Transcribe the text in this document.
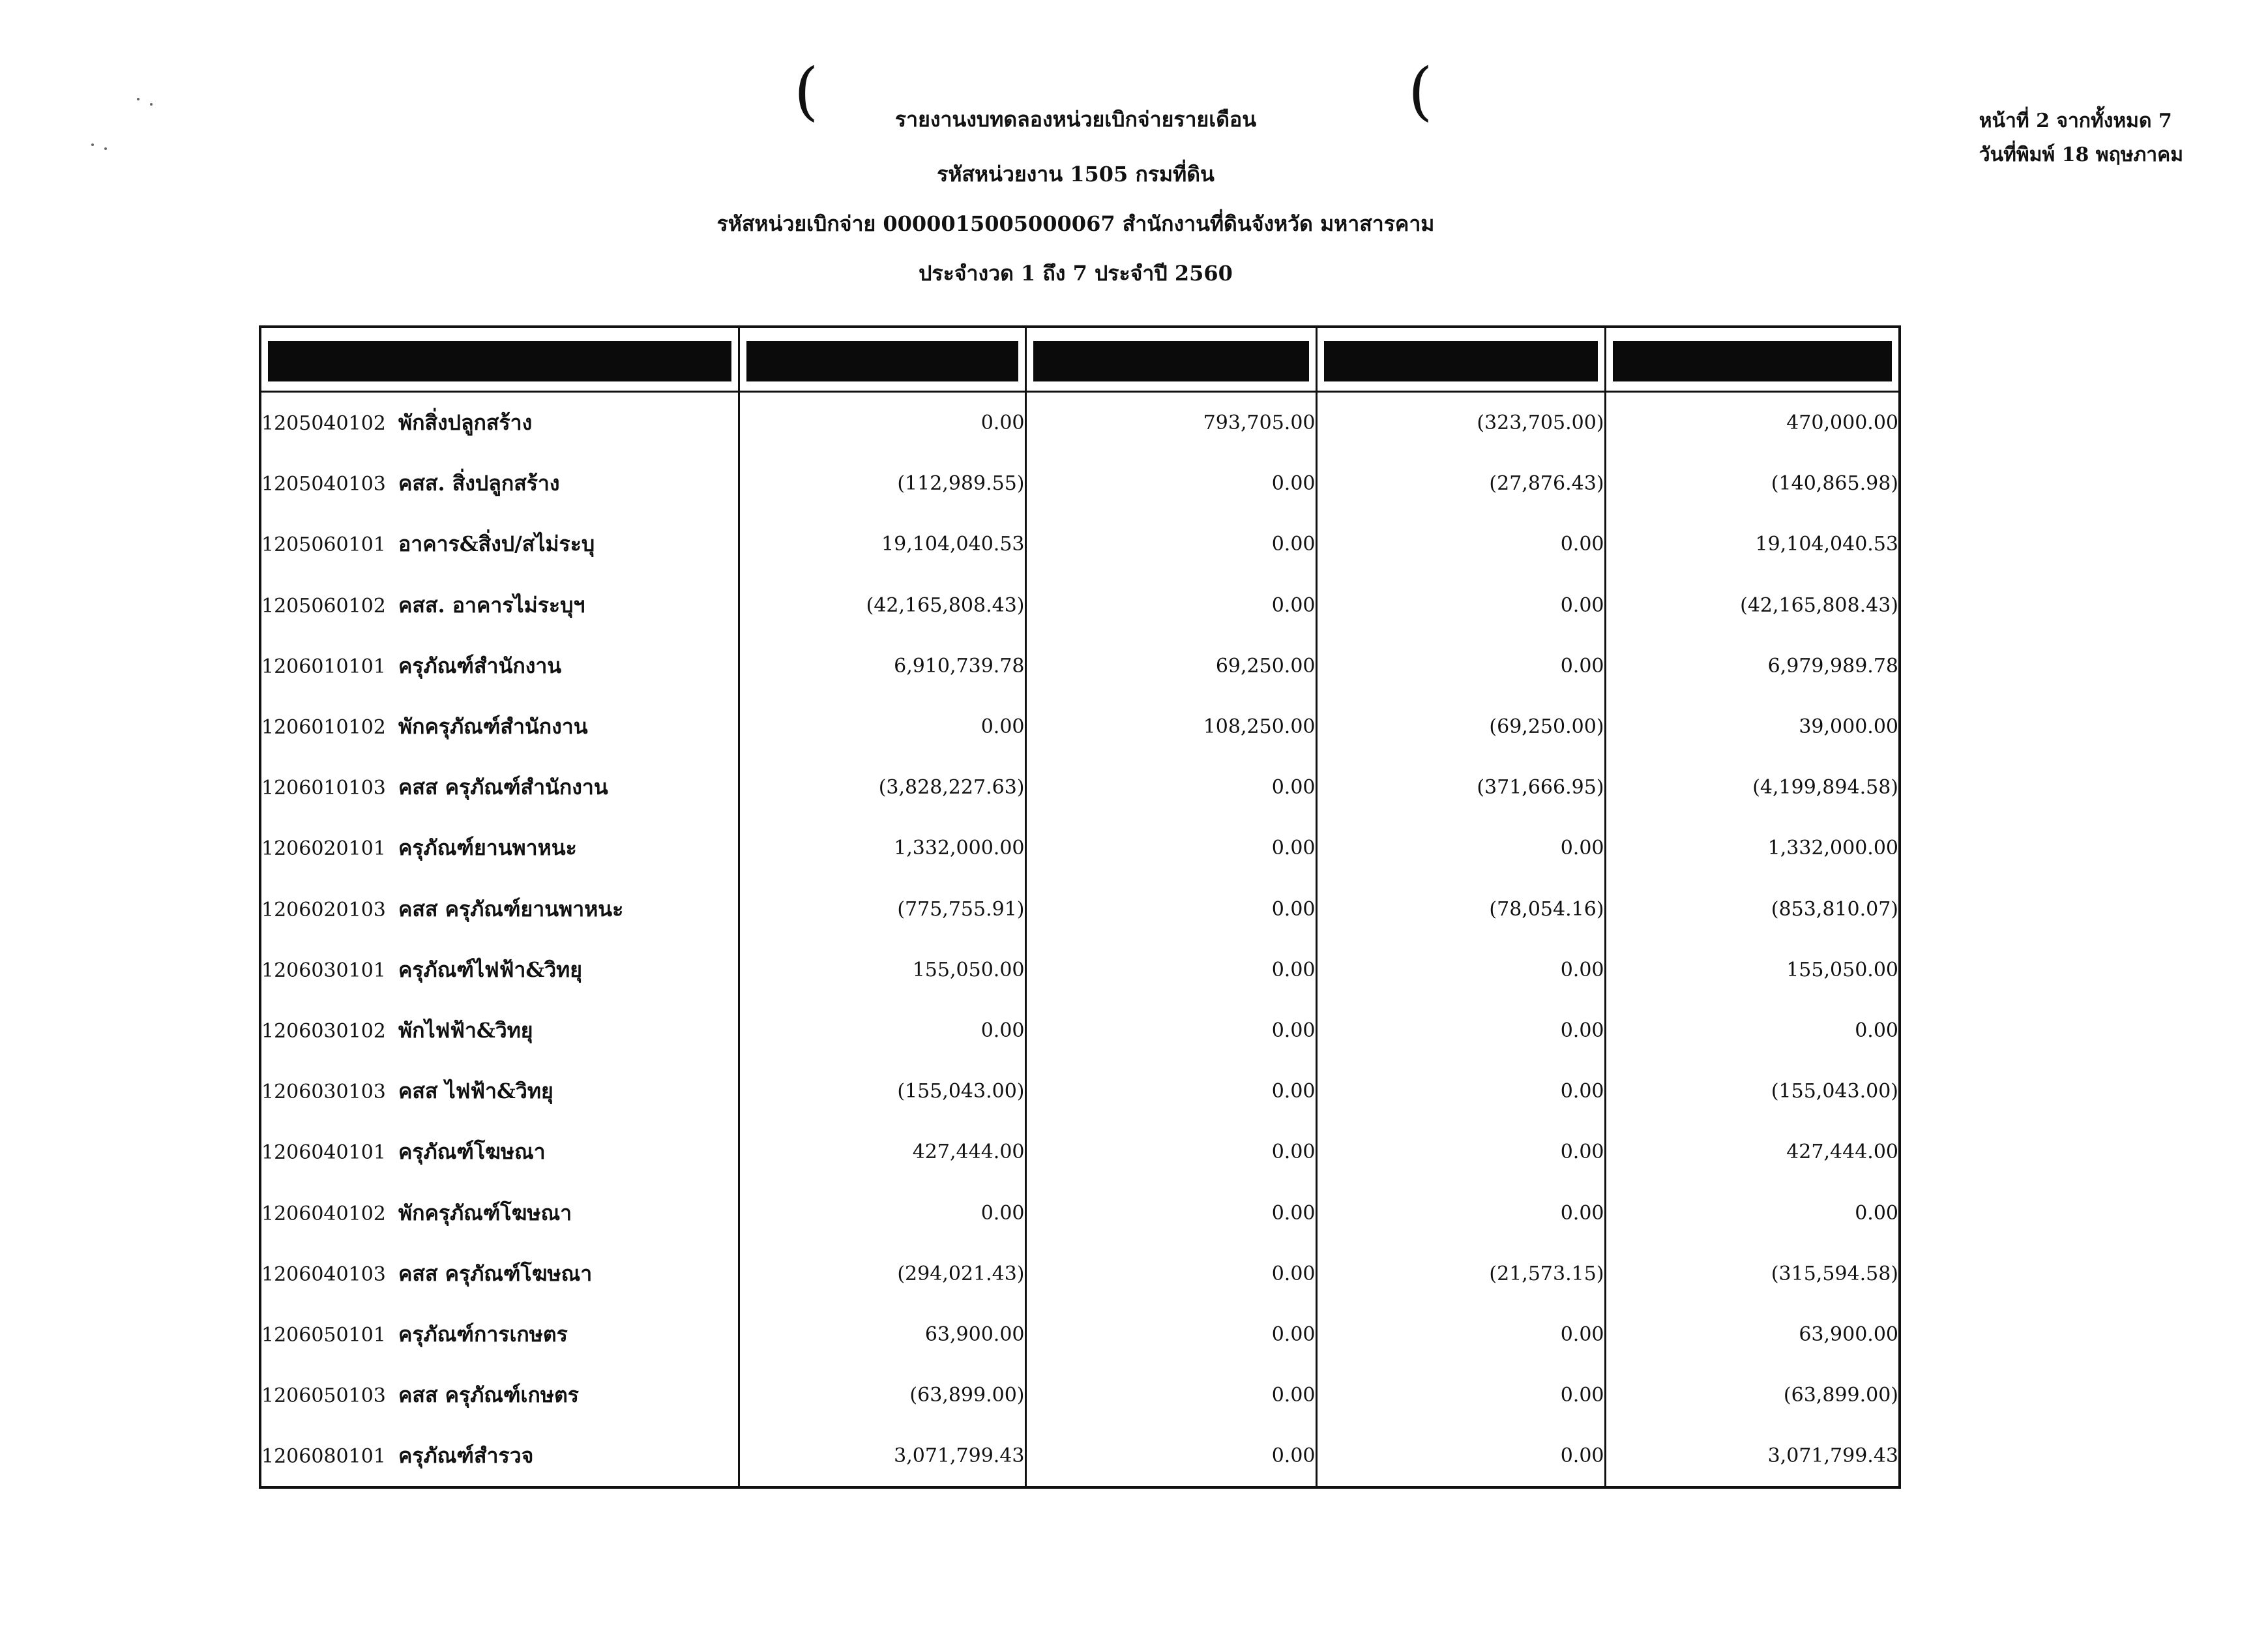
(	(
รายงานงบทดลองหน่วยเบิกจ่ายรายเดือน
รหัสหน่วยงาน 1505 กรมที่ดิน
รหัสหน่วยเบิกจ่าย 0000015005000067 สำนักงานที่ดินจังหวัด มหาสารคาม
ประจำงวด 1 ถึง 7 ประจำปี 2560
หน้าที่ 2 จากทั้งหมด 7
วันที่พิมพ์ 18 พฤษภาคม

1205040102 พักสิ่งปลูกสร้าง	0.00	793,705.00	(323,705.00)	470,000.00
1205040103 คสส. สิ่งปลูกสร้าง	(112,989.55)	0.00	(27,876.43)	(140,865.98)
1205060101 อาคาร&สิ่งป/สไม่ระบุ	19,104,040.53	0.00	0.00	19,104,040.53
1205060102 คสส. อาคารไม่ระบุฯ	(42,165,808.43)	0.00	0.00	(42,165,808.43)
1206010101 ครุภัณฑ์สำนักงาน	6,910,739.78	69,250.00	0.00	6,979,989.78
1206010102 พักครุภัณฑ์สำนักงาน	0.00	108,250.00	(69,250.00)	39,000.00
1206010103 คสส ครุภัณฑ์สำนักงาน	(3,828,227.63)	0.00	(371,666.95)	(4,199,894.58)
1206020101 ครุภัณฑ์ยานพาหนะ	1,332,000.00	0.00	0.00	1,332,000.00
1206020103 คสส ครุภัณฑ์ยานพาหนะ	(775,755.91)	0.00	(78,054.16)	(853,810.07)
1206030101 ครุภัณฑ์ไฟฟ้า&วิทยุ	155,050.00	0.00	0.00	155,050.00
1206030102 พักไฟฟ้า&วิทยุ	0.00	0.00	0.00	0.00
1206030103 คสส ไฟฟ้า&วิทยุ	(155,043.00)	0.00	0.00	(155,043.00)
1206040101 ครุภัณฑ์โฆษณา	427,444.00	0.00	0.00	427,444.00
1206040102 พักครุภัณฑ์โฆษณา	0.00	0.00	0.00	0.00
1206040103 คสส ครุภัณฑ์โฆษณา	(294,021.43)	0.00	(21,573.15)	(315,594.58)
1206050101 ครุภัณฑ์การเกษตร	63,900.00	0.00	0.00	63,900.00
1206050103 คสส ครุภัณฑ์เกษตร	(63,899.00)	0.00	0.00	(63,899.00)
1206080101 ครุภัณฑ์สำรวจ	3,071,799.43	0.00	0.00	3,071,799.43
